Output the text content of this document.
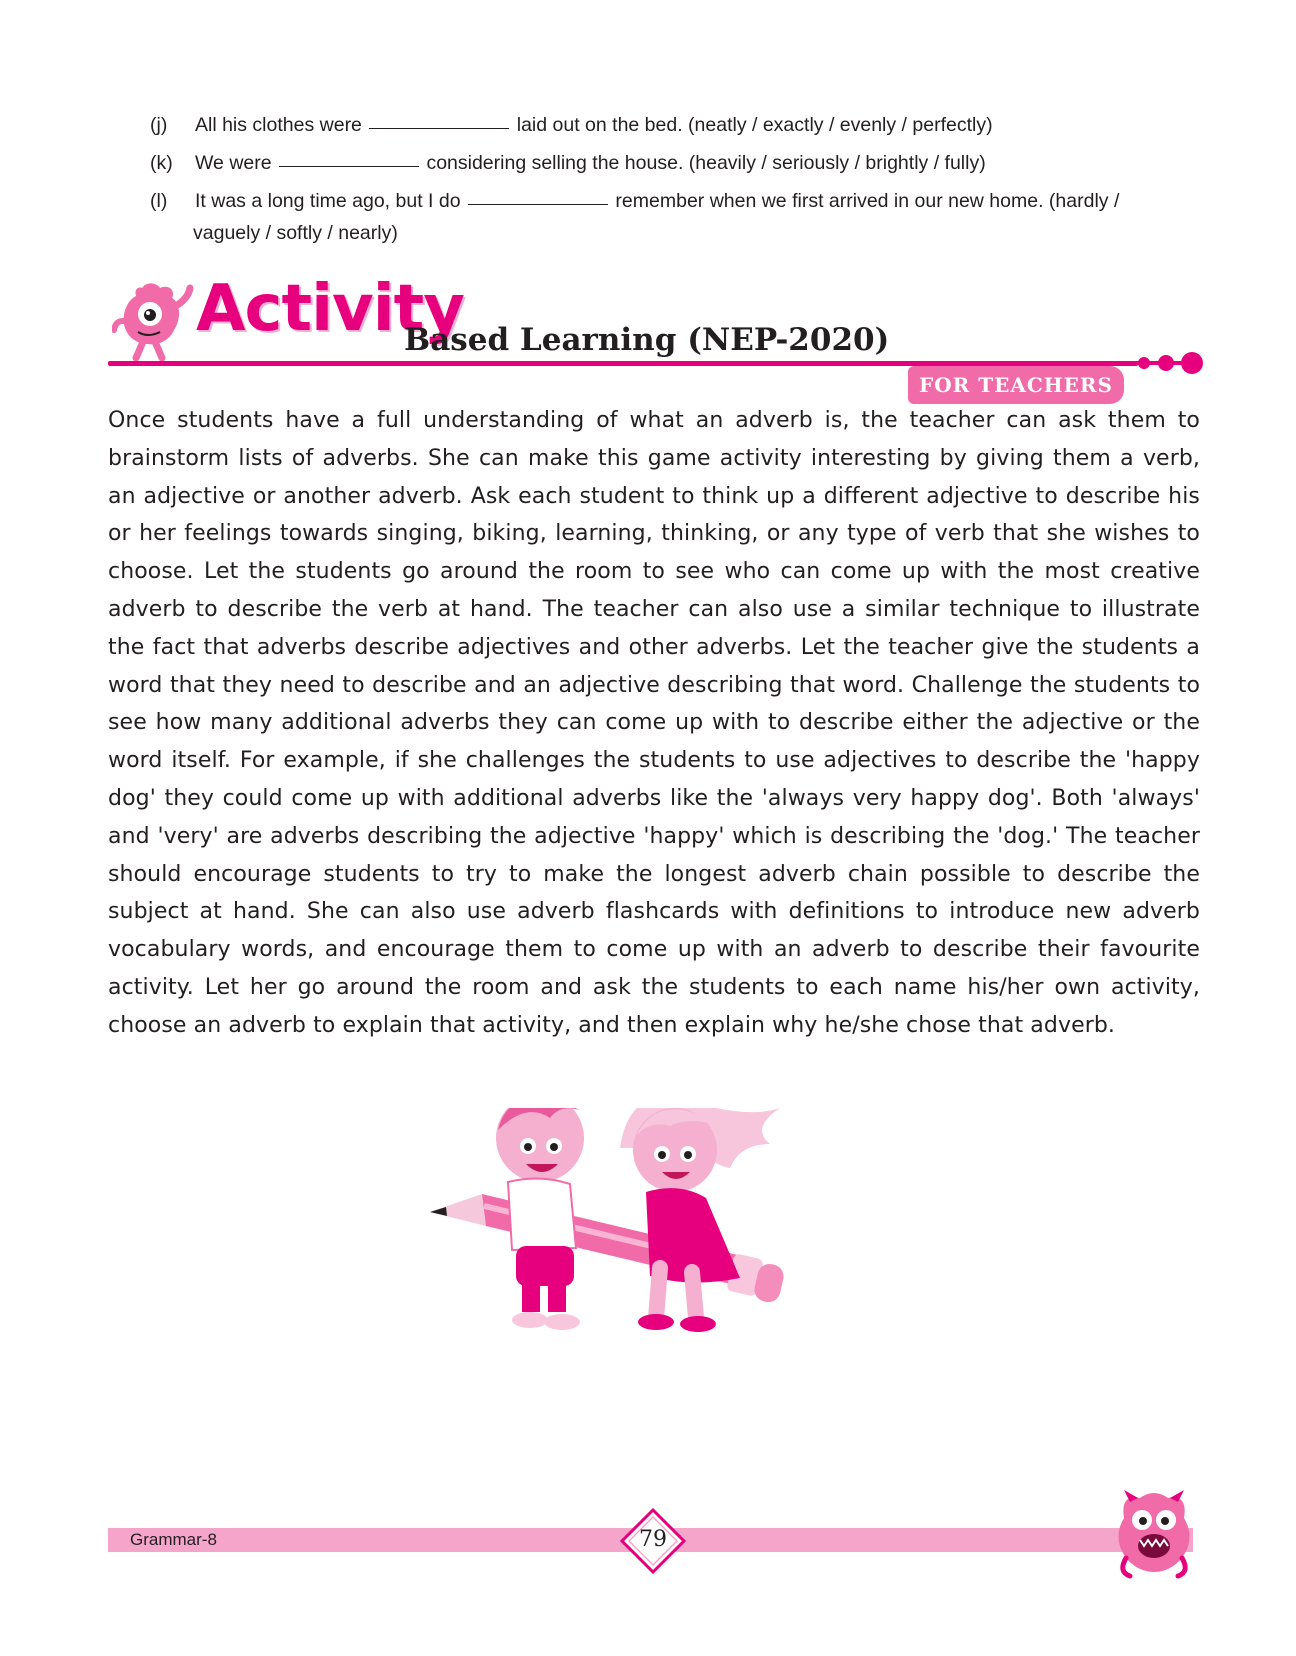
(j) All his clothes were	laid out on the bed. (neatly / exactly / evenly / perfectly)
(k) We were	considering selling the house. (heavily / seriously / brightly / fully)
(l) It was a long time ago, but I do	remember when we first arrived in our new home. (hardly /
vaguely / softly / nearly)
Activity
Based Learning (NEP-2020)
FOR TEACHERS

Once students have a full understanding of what an adverb is, the teacher can ask them to brainstorm lists of adverbs. She can make this game activity interesting by giving them a verb, an adjective or another adverb. Ask each student to think up a different adjective to describe his or her feelings towards singing, biking, learning, thinking, or any type of verb that she wishes to choose. Let the students go around the room to see who can come up with the most creative adverb to describe the verb at hand. The teacher can also use a similar technique to illustrate the fact that adverbs describe adjectives and other adverbs. Let the teacher give the students a word that they need to describe and an adjective describing that word. Challenge the students to see how many additional adverbs they can come up with to describe either the adjective or the word itself. For example, if she challenges the students to use adjectives to describe the 'happy dog' they could come up with additional adverbs like the 'always very happy dog'. Both 'always' and 'very' are adverbs describing the adjective 'happy' which is describing the 'dog.' The teacher should encourage students to try to make the longest adverb chain possible to describe the subject at hand. She can also use adverb flashcards with definitions to introduce new adverb vocabulary words, and encourage them to come up with an adverb to describe their favourite activity. Let her go around the room and ask the students to each name his/her own activity, choose an adverb to explain that activity, and then explain why he/she chose that adverb.

Grammar-8	79
